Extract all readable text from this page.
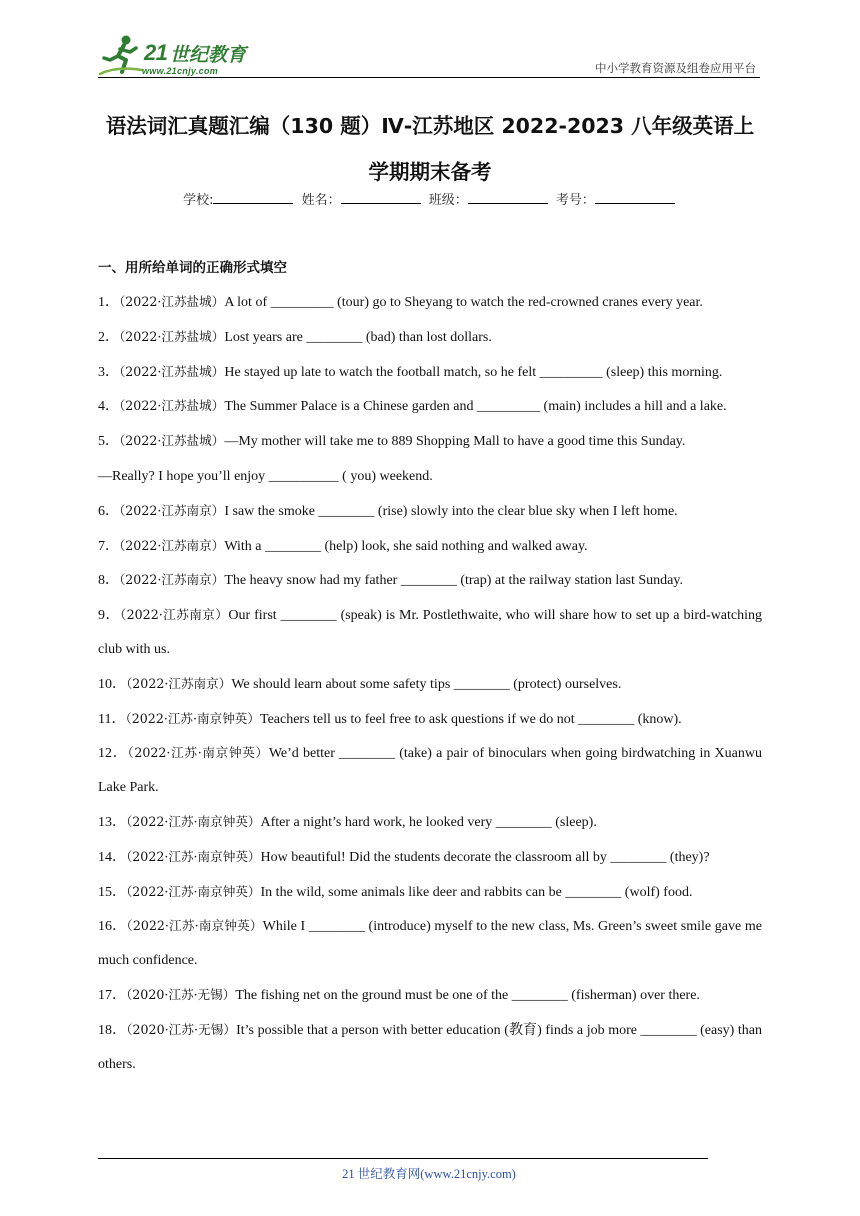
21 世纪教育
www.21cnjy.com	中小学教育资源及组卷应用平台
语法词汇真题汇编（130 题）Ⅳ-江苏地区 2022-2023 八年级英语上学期期末备考
学校:	姓名：	班级：	考号：
一、用所给单词的正确形式填空

1．（2022·江苏盐城）A lot of _________ (tour) go to Sheyang to watch the red-crowned cranes every year.

2．（2022·江苏盐城）Lost years are ________ (bad) than lost dollars.

3．（2022·江苏盐城）He stayed up late to watch the football match, so he felt _________ (sleep) this morning.

4．（2022·江苏盐城）The Summer Palace is a Chinese garden and _________ (main) includes a hill and a lake.

5．（2022·江苏盐城）—My mother will take me to 889 Shopping Mall to have a good time this Sunday.

—Really? I hope you’ll enjoy __________ ( you) weekend.

6．（2022·江苏南京）I saw the smoke ________ (rise) slowly into the clear blue sky when I left home.

7．（2022·江苏南京）With a ________ (help) look, she said nothing and walked away.

8．（2022·江苏南京）The heavy snow had my father ________ (trap) at the railway station last Sunday.

9．（2022·江苏南京）Our first ________ (speak) is Mr. Postlethwaite, who will share how to set up a bird-watching club with us.

10．（2022·江苏南京）We should learn about some safety tips ________ (protect) ourselves.

11．（2022·江苏·南京钟英）Teachers tell us to feel free to ask questions if we do not ________ (know).

12．（2022·江苏·南京钟英）We’d better ________ (take) a pair of binoculars when going birdwatching in Xuanwu Lake Park.

13．（2022·江苏·南京钟英）After a night’s hard work, he looked very ________ (sleep).

14．（2022·江苏·南京钟英）How beautiful! Did the students decorate the classroom all by ________ (they)?

15．（2022·江苏·南京钟英）In the wild, some animals like deer and rabbits can be ________ (wolf) food.

16．（2022·江苏·南京钟英）While I ________ (introduce) myself to the new class, Ms. Green’s sweet smile gave me much confidence.

17．（2020·江苏·无锡）The fishing net on the ground must be one of the ________ (fisherman) over there.

18．（2020·江苏·无锡）It’s possible that a person with better education (教育) finds a job more ________ (easy) than others.

21 世纪教育网(www.21cnjy.com)
